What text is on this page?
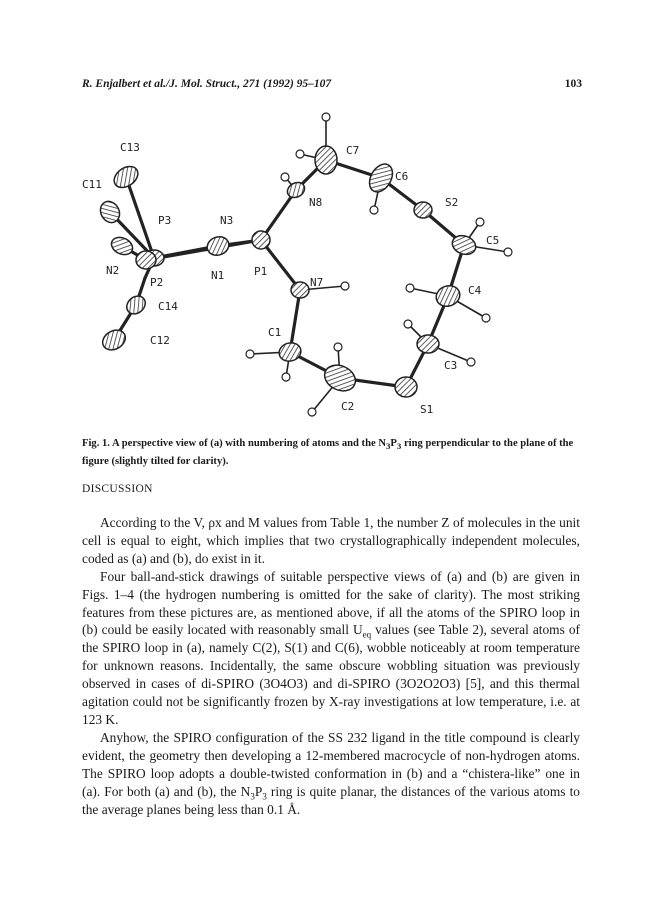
R. Enjalbert et al./J. Mol. Struct., 271 (1992) 95–107	103
C13
C11
P3	N3
N2
P2
N1	P1
C14
C12
N8
C7
C6
S2
C5
N7
C4
C1
C3
C2	S1
Fig. 1. A perspective view of (a) with numbering of atoms and the $N_3P_3$ ring perpendicular to the plane of the figure (slightly tilted for clarity).
DISCUSSION

According to the V, ρx and M values from Table 1, the number Z of molecules in the unit cell is equal to eight, which implies that two crystallographically independent molecules, coded as (a) and (b), do exist in it.

Four ball-and-stick drawings of suitable perspective views of (a) and (b) are given in Figs. 1–4 (the hydrogen numbering is omitted for the sake of clarity). The most striking features from these pictures are, as mentioned above, if all the atoms of the SPIRO loop in (b) could be easily located with reasonably small $U_{eq}$ values (see Table 2), several atoms of the SPIRO loop in (a), namely C(2), S(1) and C(6), wobble noticeably at room temperature for unknown reasons. Incidentally, the same obscure wobbling situation was previously observed in cases of di-SPIRO (3O4O3) and di-SPIRO (3O2O2O3) [5], and this thermal agitation could not be significantly frozen by X-ray investigations at low temperature, i.e. at 123 K.

Anyhow, the SPIRO configuration of the SS 232 ligand in the title compound is clearly evident, the geometry then developing a 12-membered macrocycle of non-hydrogen atoms. The SPIRO loop adopts a double-twisted conformation in (b) and a “chistera-like” one in (a). For both (a) and (b), the $N_3P_3$ ring is quite planar, the distances of the various atoms to the average planes being less than 0.1 Å.
